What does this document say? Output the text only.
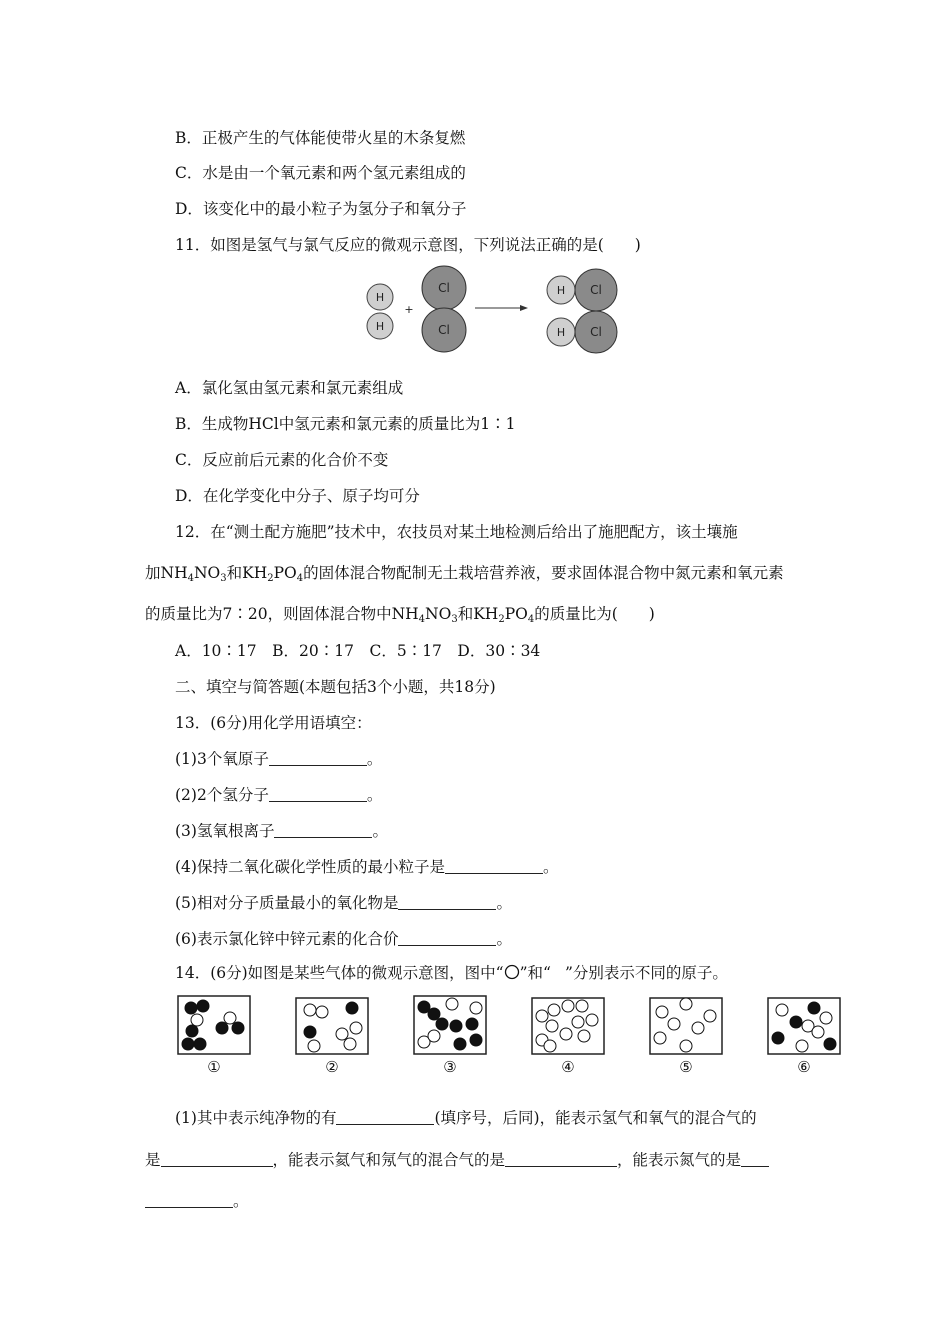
B．正极产生的气体能使带火星的木条复燃
C．水是由一个氧元素和两个氢元素组成的
D．该变化中的最小粒子为氢分子和氧分子
11．如图是氢气与氯气反应的微观示意图，下列说法正确的是(　　)
H
H
+
Cl
Cl
H Cl
H Cl
A．氯化氢由氢元素和氯元素组成
B．生成物HCl中氢元素和氯元素的质量比为1∶1
C．反应前后元素的化合价不变
D．在化学变化中分子、原子均可分
12．在“测土配方施肥”技术中，农技员对某土地检测后给出了施肥配方，该土壤施
加$NH_4NO_3$和$KH_2PO_4$的固体混合物配制无土栽培营养液，要求固体混合物中氮元素和氧元素
的质量比为7∶20，则固体混合物中$NH_4NO_3$和$KH_2PO_4$的质量比为(　　)
A．10∶17　B．20∶17　C．5∶17　D．30∶34
二、填空与简答题(本题包括3个小题，共18分)
13．(6分)用化学用语填空：
(1)3个氧原子	。
(2)2个氢分子	。
(3)氢氧根离子	。
(4)保持二氧化碳化学性质的最小粒子是	。
(5)相对分子质量最小的氧化物是	。
(6)表示氯化锌中锌元素的化合价	。
14．(6分)如图是某些气体的微观示意图，图中“ ”和“ ”分别表示不同的原子。
①	②	③	④	⑤	⑥
(1)其中表示纯净物的有	(填序号，后同)，能表示氢气和氧气的混合气的
是	，能表示氦气和氖气的混合气的是	，能表示氮气的是
。
